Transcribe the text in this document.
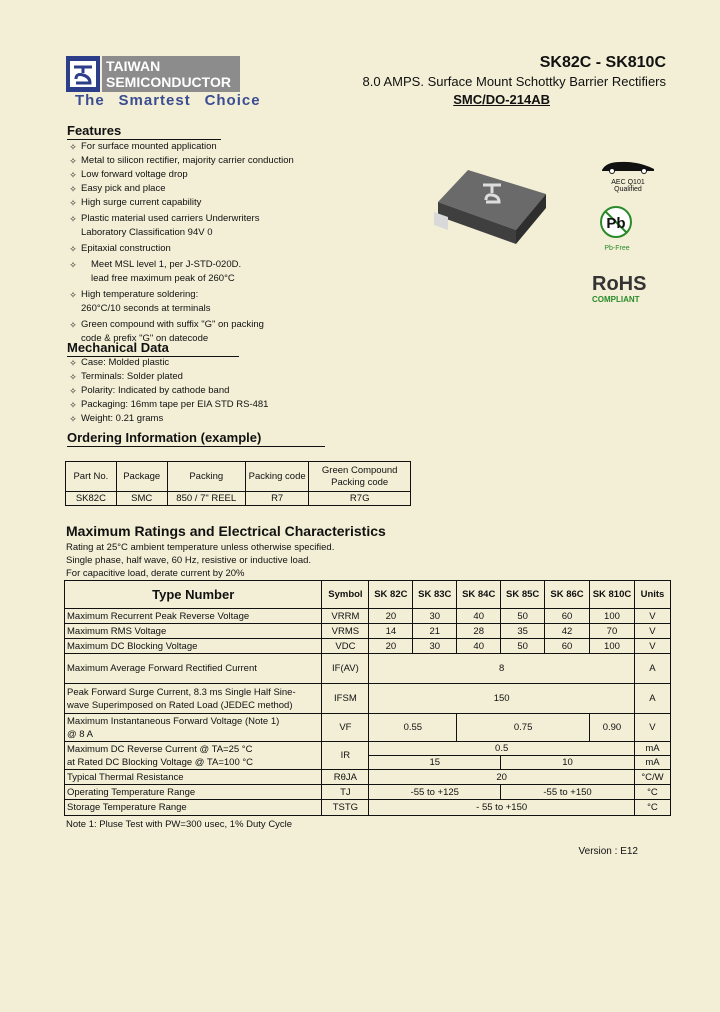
TAIWAN
SEMICONDUCTOR
The Smartest Choice
SK82C - SK810C
8.0 AMPS. Surface Mount Schottky Barrier Rectifiers
SMC/DO-214AB
Features
✧ For surface mounted application
✧ Metal to silicon rectifier, majority carrier conduction
✧ Low forward voltage drop
✧ Easy pick and place
✧ High surge current capability
✧ Plastic material used carriers Underwriters
Laboratory Classification 94V 0
✧ Epitaxial construction
✧	Meet MSL level 1, per J-STD-020D.
lead free maximum peak of 260°C
✧ High temperature soldering:
260°C/10 seconds at terminals
✧ Green compound with suffix "G" on packing
code & prefix "G" on datecode
AEC Q101 Qualified
Pb
Pb-Free
RoHS
COMPLIANT
Mechanical Data
✧ Case: Molded plastic
✧ Terminals: Solder plated
✧ Polarity: Indicated by cathode band
✧ Packaging: 16mm tape per EIA STD RS-481
✧ Weight: 0.21 grams
Ordering Information (example)
Part No.	Package	Packing	Packing code	Green Compound Packing code
SK82C	SMC	850 / 7" REEL	R7	R7G
Maximum Ratings and Electrical Characteristics
Rating at 25°C ambient temperature unless otherwise specified.
Single phase, half wave, 60 Hz, resistive or inductive load.
For capacitive load, derate current by 20%
Type Number	Symbol	SK 82C	SK 83C	SK 84C	SK 85C	SK 86C	SK 810C	Units
Maximum Recurrent Peak Reverse Voltage	VRRM	20	30	40	50	60	100	V
Maximum RMS Voltage	VRMS	14	21	28	35	42	70	V
Maximum DC Blocking Voltage	VDC	20	30	40	50	60	100	V
Maximum Average Forward Rectified Current	IF(AV)	8						A

Peak Forward Surge Current, 8.3 ms Single Half Sine-
wave Superimposed on Rated Load (JEDEC method)	IFSM	150						A

Maximum Instantaneous Forward Voltage (Note 1)
@ 8 A	VF	0.55		0.75			0.90	V

Maximum DC Reverse Current @ TA=25 °C
at Rated DC Blocking Voltage @ TA=100 °C	IR	0.5						mA
		15			10			mA
Typical Thermal Resistance	RθJA	20						°C/W
Operating Temperature Range	TJ	-55 to +125			-55 to +150			°C
Storage Temperature Range	TSTG	- 55 to +150						°C
Note 1: Pluse Test with PW=300 usec, 1% Duty Cycle
Version : E12
